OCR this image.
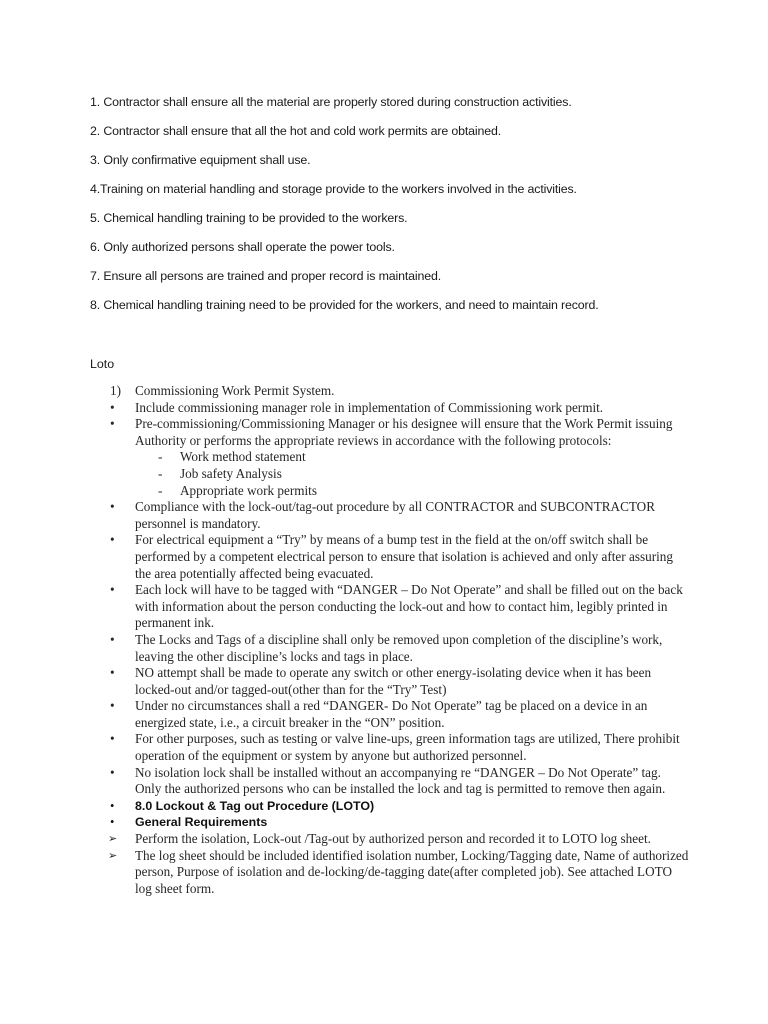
1. Contractor shall ensure all the material are properly stored during construction activities.

2. Contractor shall ensure that all the hot and cold work permits are obtained.

3. Only confirmative equipment shall use.

4.Training on material handling and storage provide to the workers involved in the activities.

5. Chemical handling training to be provided to the workers.

6. Only authorized persons shall operate the power tools.

7. Ensure all persons are trained and proper record is maintained.

8. Chemical handling training need to be provided for the workers, and need to maintain record.

Loto

1) Commissioning Work Permit System.
• Include commissioning manager role in implementation of Commissioning work permit.
• Pre-commissioning/Commissioning Manager or his designee will ensure that the Work Permit issuing Authority or performs the appropriate reviews in accordance with the following protocols:
- Work method statement
- Job safety Analysis
- Appropriate work permits
• Compliance with the lock-out/tag-out procedure by all CONTRACTOR and SUBCONTRACTOR personnel is mandatory.
• For electrical equipment a “Try” by means of a bump test in the field at the on/off switch shall be performed by a competent electrical person to ensure that isolation is achieved and only after assuring the area potentially affected being evacuated.
• Each lock will have to be tagged with “DANGER – Do Not Operate” and shall be filled out on the back with information about the person conducting the lock-out and how to contact him, legibly printed in permanent ink.
• The Locks and Tags of a discipline shall only be removed upon completion of the discipline’s work, leaving the other discipline’s locks and tags in place.
• NO attempt shall be made to operate any switch or other energy-isolating device when it has been locked-out and/or tagged-out(other than for the “Try” Test)
• Under no circumstances shall a red “DANGER- Do Not Operate” tag be placed on a device in an energized state, i.e., a circuit breaker in the “ON” position.
• For other purposes, such as testing or valve line-ups, green information tags are utilized, There prohibit operation of the equipment or system by anyone but authorized personnel.
• No isolation lock shall be installed without an accompanying re “DANGER – Do Not Operate” tag. Only the authorized persons who can be installed the lock and tag is permitted to remove then again.
• 8.0 Lockout & Tag out Procedure (LOTO)
• General Requirements
➢ Perform the isolation, Lock-out /Tag-out by authorized person and recorded it to LOTO log sheet.
➢ The log sheet should be included identified isolation number, Locking/Tagging date, Name of authorized person, Purpose of isolation and de-locking/de-tagging date(after completed job). See attached LOTO log sheet form.
